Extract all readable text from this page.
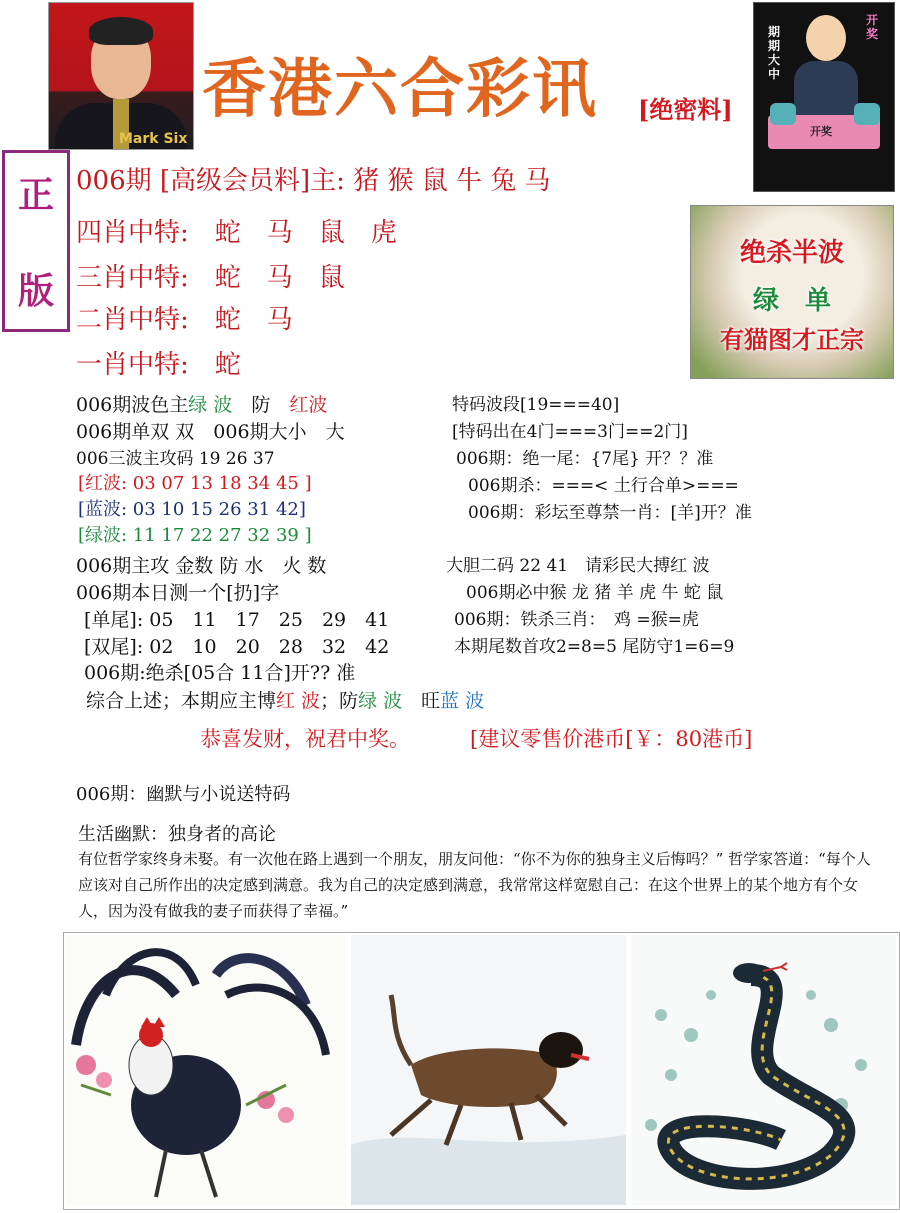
Mark Six
香港六合彩讯 [绝密料]
期
期
大
中
开
奖
开奖
正
版
绝杀半波
绿　单
有猫图才正宗
006期 [高级会员料]主: 猪 猴 鼠 牛 兔 马
四肖中特:　蛇　马　鼠　虎
三肖中特:　蛇　马　鼠
二肖中特:　蛇　马
一肖中特:　蛇
006期波色主绿 波　防　红波
006期单双 双　006期大小　大
006三波主攻码 19 26 37
[红波: 03 07 13 18 34 45 ]
[蓝波: 03 10 15 26 31 42]
[绿波: 11 17 22 27 32 39 ]
006期主攻 金数 防 水　火 数
006期本日测一个[扔]字
[单尾]: 05　11　17　25　29　41
[双尾]: 02　10　20　28　32　42
006期:绝杀[05合 11合]开?? 准
综合上述；本期应主博红 波；防绿 波　旺蓝 波
特码波段[19===40]
[特码出在4门===3门==2门]
006期：绝一尾：{7尾} 开？？准
006期杀：===< 土行合单>===
006期：彩坛至尊禁一肖：[羊]开？准
大胆二码 22 41　请彩民大搏红 波
006期必中猴 龙 猪 羊 虎 牛 蛇 鼠
006期：铁杀三肖：　鸡 =猴=虎
本期尾数首攻2=8=5 尾防守1=6=9
恭喜发财，祝君中奖。	[建议零售价港币[￥：80港币]
006期：幽默与小说送特码
生活幽默：独身者的高论
有位哲学家终身未娶。有一次他在路上遇到一个朋友，朋友问他：“你不为你的独身主义后悔吗？” 哲学家答道：“每个人应该对自己所作出的决定感到满意。我为自己的决定感到满意，我常常这样宽慰自己：在这个世界上的某个地方有个女人，因为没有做我的妻子而获得了幸福。”
